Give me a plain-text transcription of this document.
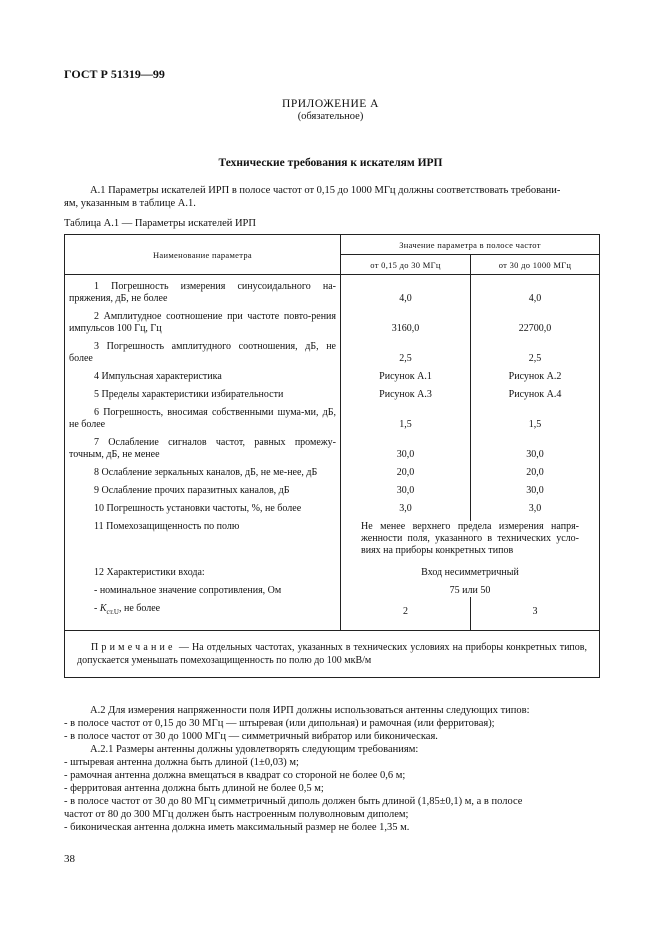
ГОСТ Р 51319—99
ПРИЛОЖЕНИЕ А
(обязательное)
Технические требования к искателям ИРП
А.1 Параметры искателей ИРП в полосе частот от 0,15 до 1000 МГц должны соответствовать требовани-
ям, указанным в таблице А.1.
Таблица А.1 — Параметры искателей ИРП
Наименование параметра	Значение параметра в полосе частот	
	от 0,15 до 30 МГц	от 30 до 1000 МГц

1 Погрешность измерения синусоидального на-пряжения, дБ, не более	4,0	4,0

2 Амплитудное соотношение при частоте повто-рения импульсов 100 Гц, Гц	3160,0	22700,0

3 Погрешность амплитудного соотношения, дБ, не более	2,5	2,5

4 Импульсная характеристика	Рисунок А.1	Рисунок А.2

5 Пределы характеристики избирательности	Рисунок А.3	Рисунок А.4

6 Погрешность, вносимая собственными шума-ми, дБ, не более	1,5	1,5

7 Ослабление сигналов частот, равных промежу-точным, дБ, не менее	30,0	30,0

8 Ослабление зеркальных каналов, дБ, не ме-нее, дБ	20,0	20,0

9 Ослабление прочих паразитных каналов, дБ	30,0	30,0

10 Погрешность установки частоты, %, не более	3,0	3,0

11 Помехозащищенность по полю	Не менее верхнего предела измерения напря-женности поля, указанного в технических усло-виях на приборы конкретных типов	

12 Характеристики входа:	Вход несимметричный	

- номинальное значение сопротивления, Ом	75 или 50	

- $K_{ст.U}$, не более	2	3

Примечание — На отдельных частотах, указанных в технических условиях на приборы конкретных типов, допускается уменьшать помехозащищенность по полю до 100 мкВ/м		
А.2 Для измерения напряженности поля ИРП должны использоваться антенны следующих типов:
- в полосе частот от 0,15 до 30 МГц — штыревая (или дипольная) и рамочная (или ферритовая);
- в полосе частот от 30 до 1000 МГц — симметричный вибратор или биконическая.
А.2.1 Размеры антенны должны удовлетворять следующим требованиям:
- штыревая антенна должна быть длиной (1±0,03) м;
- рамочная антенна должна вмещаться в квадрат со стороной не более 0,6 м;
- ферритовая антенна должна быть длиной не более 0,5 м;
- в полосе частот от 30 до 80 МГц симметричный диполь должен быть длиной (1,85±0,1) м, а в полосе
частот от 80 до 300 МГц должен быть настроенным полуволновым диполем;
- биконическая антенна должна иметь максимальный размер не более 1,35 м.
38
